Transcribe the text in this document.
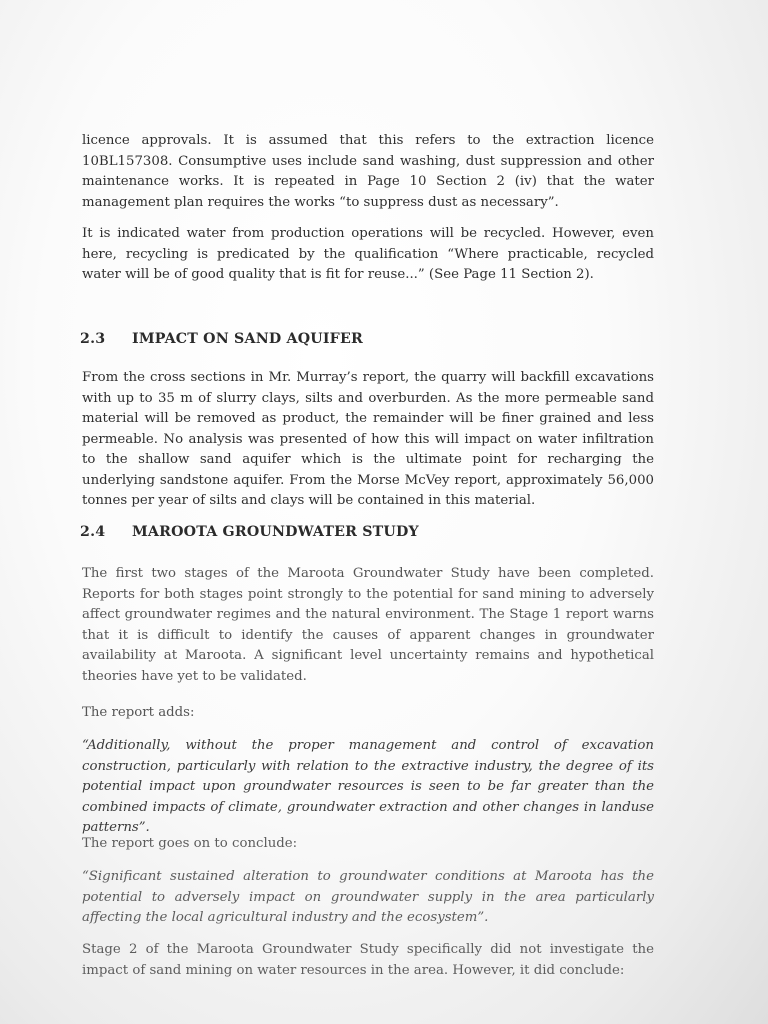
licence approvals. It is assumed that this refers to the extraction licence 10BL157308. Consumptive uses include sand washing, dust suppression and other maintenance works. It is repeated in Page 10 Section 2 (iv) that the water management plan requires the works “to suppress dust as necessary”.

It is indicated water from production operations will be recycled. However, even here, recycling is predicated by the qualification “Where practicable, recycled water will be of good quality that is fit for reuse...” (See Page 11 Section 2).

2.3 IMPACT ON SAND AQUIFER

From the cross sections in Mr. Murray’s report, the quarry will backfill excavations with up to 35 m of slurry clays, silts and overburden. As the more permeable sand material will be removed as product, the remainder will be finer grained and less permeable. No analysis was presented of how this will impact on water infiltration to the shallow sand aquifer which is the ultimate point for recharging the underlying sandstone aquifer. From the Morse McVey report, approximately 56,000 tonnes per year of silts and clays will be contained in this material.

2.4 MAROOTA GROUNDWATER STUDY

The first two stages of the Maroota Groundwater Study have been completed. Reports for both stages point strongly to the potential for sand mining to adversely affect groundwater regimes and the natural environment. The Stage 1 report warns that it is difficult to identify the causes of apparent changes in groundwater availability at Maroota. A significant level uncertainty remains and hypothetical theories have yet to be validated.

The report adds:

“Additionally, without the proper management and control of excavation construction, particularly with relation to the extractive industry, the degree of its potential impact upon groundwater resources is seen to be far greater than the combined impacts of climate, groundwater extraction and other changes in landuse patterns”.

The report goes on to conclude:

“Significant sustained alteration to groundwater conditions at Maroota has the potential to adversely impact on groundwater supply in the area particularly affecting the local agricultural industry and the ecosystem”.

Stage 2 of the Maroota Groundwater Study specifically did not investigate the impact of sand mining on water resources in the area. However, it did conclude:
